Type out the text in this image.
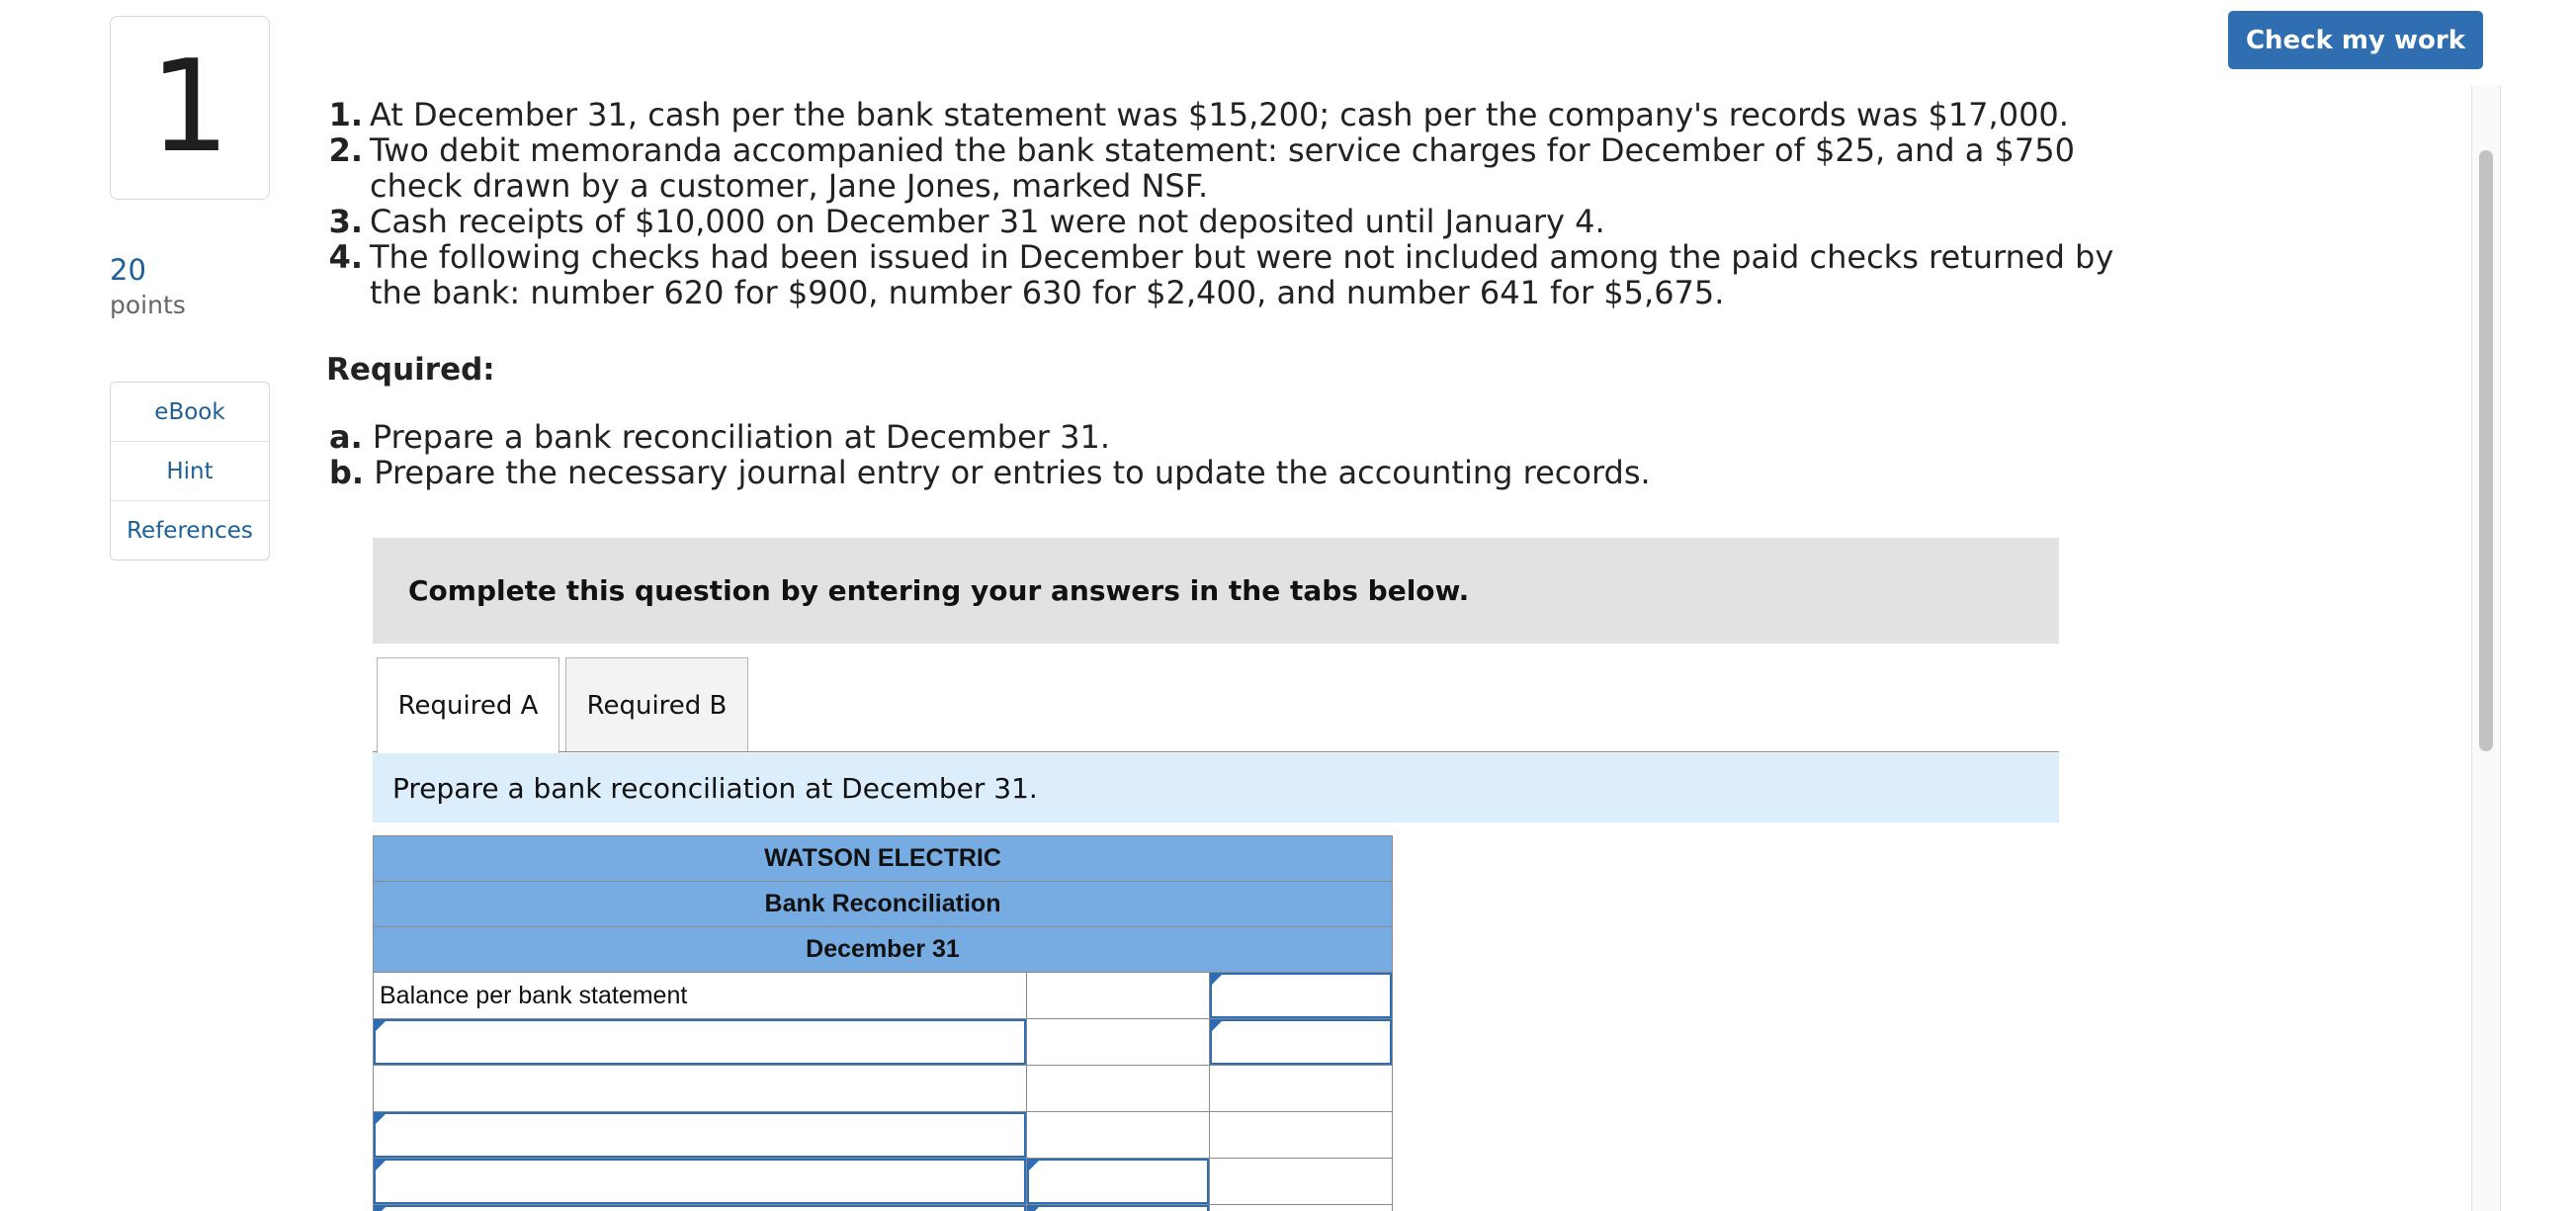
1
20
points
eBook
Hint
References
Check my work
1. At December 31, cash per the bank statement was $15,200; cash per the company's records was $17,000.
2. Two debit memoranda accompanied the bank statement: service charges for December of $25, and a $750 check drawn by a customer, Jane Jones, marked NSF.
3. Cash receipts of $10,000 on December 31 were not deposited until January 4.
4. The following checks had been issued in December but were not included among the paid checks returned by the bank: number 620 for $900, number 630 for $2,400, and number 641 for $5,675.
Required:
a. Prepare a bank reconciliation at December 31.
b. Prepare the necessary journal entry or entries to update the accounting records.
Complete this question by entering your answers in the tabs below.
Required A	Required B
Prepare a bank reconciliation at December 31.
WATSON ELECTRIC		
Bank Reconciliation		
December 31		
Balance per bank statement	
